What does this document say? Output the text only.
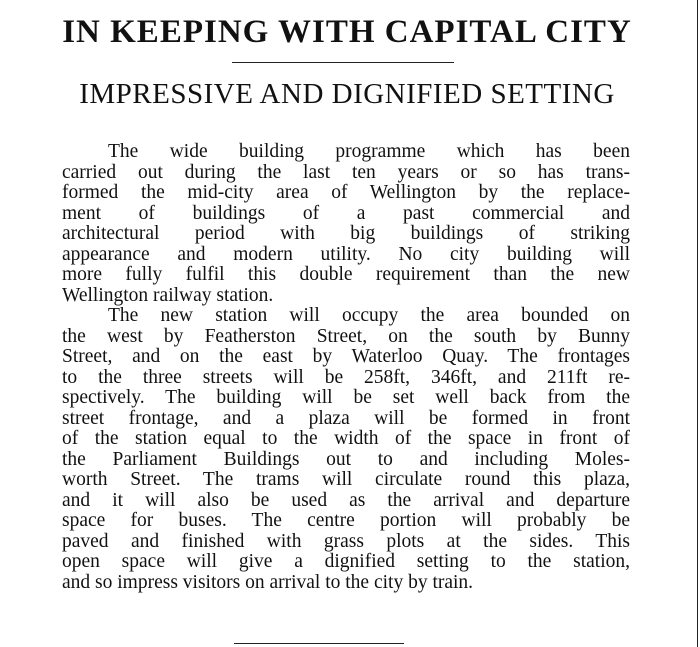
IN KEEPING WITH CAPITAL CITY
IMPRESSIVE AND DIGNIFIED SETTING
The wide building programme which has been
carried out during the last ten years or so has trans-
formed the mid-city area of Wellington by the replace-
ment of buildings of a past commercial and
architectural period with big buildings of striking
appearance and modern utility. No city building will
more fully fulfil this double requirement than the new
Wellington railway station.
The new station will occupy the area bounded on
the west by Featherston Street, on the south by Bunny
Street, and on the east by Waterloo Quay. The frontages
to the three streets will be 258ft, 346ft, and 211ft re-
spectively. The building will be set well back from the
street frontage, and a plaza will be formed in front
of the station equal to the width of the space in front of
the Parliament Buildings out to and including Moles-
worth Street. The trams will circulate round this plaza,
and it will also be used as the arrival and departure
space for buses. The centre portion will probably be
paved and finished with grass plots at the sides. This
open space will give a dignified setting to the station,
and so impress visitors on arrival to the city by train.
